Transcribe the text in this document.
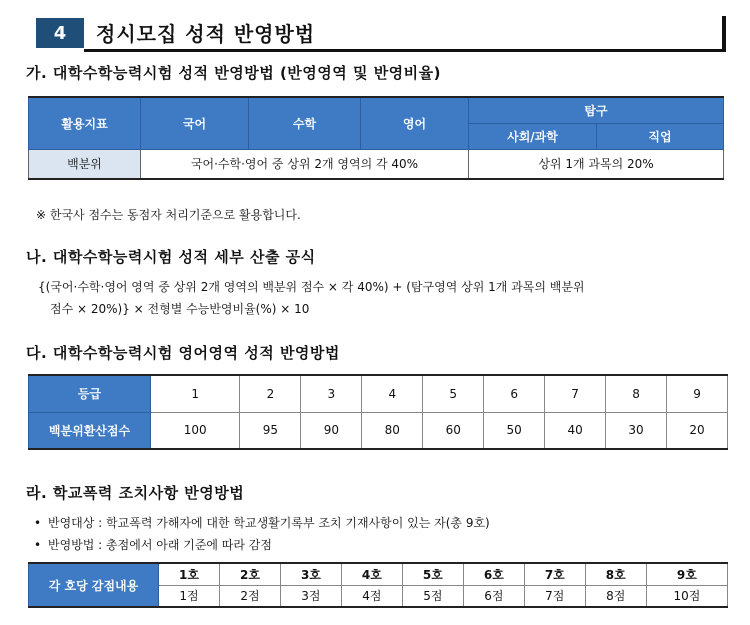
4	정시모집 성적 반영방법
가. 대학수학능력시험 성적 반영방법 (반영영역 및 반영비율)
활용지표	국어	수학	영어	탐구	
				사회/과학	직업
백분위	국어·수학·영어 중 상위 2개 영역의 각 40%			상위 1개 과목의 20%	
※ 한국사 점수는 동점자 처리기준으로 활용합니다.
나. 대학수학능력시험 성적 세부 산출 공식
{(국어·수학·영어 영역 중 상위 2개 영역의 백분위 점수 × 각 40%) + (탐구영역 상위 1개 과목의 백분위
점수 × 20%)} × 전형별 수능반영비율(%) × 10
다. 대학수학능력시험 영어영역 성적 반영방법
등급	1	2	3	4	5	6	7	8	9
백분위환산점수	100	95	90	80	60	50	40	30	20
라. 학교폭력 조치사항 반영방법
• 반영대상 : 학교폭력 가해자에 대한 학교생활기록부 조치 기재사항이 있는 자(총 9호)
• 반영방법 : 총점에서 아래 기준에 따라 감점
각 호당 감점내용	1호	2호	3호	4호	5호	6호	7호	8호	9호
	1점	2점	3점	4점	5점	6점	7점	8점	10점
